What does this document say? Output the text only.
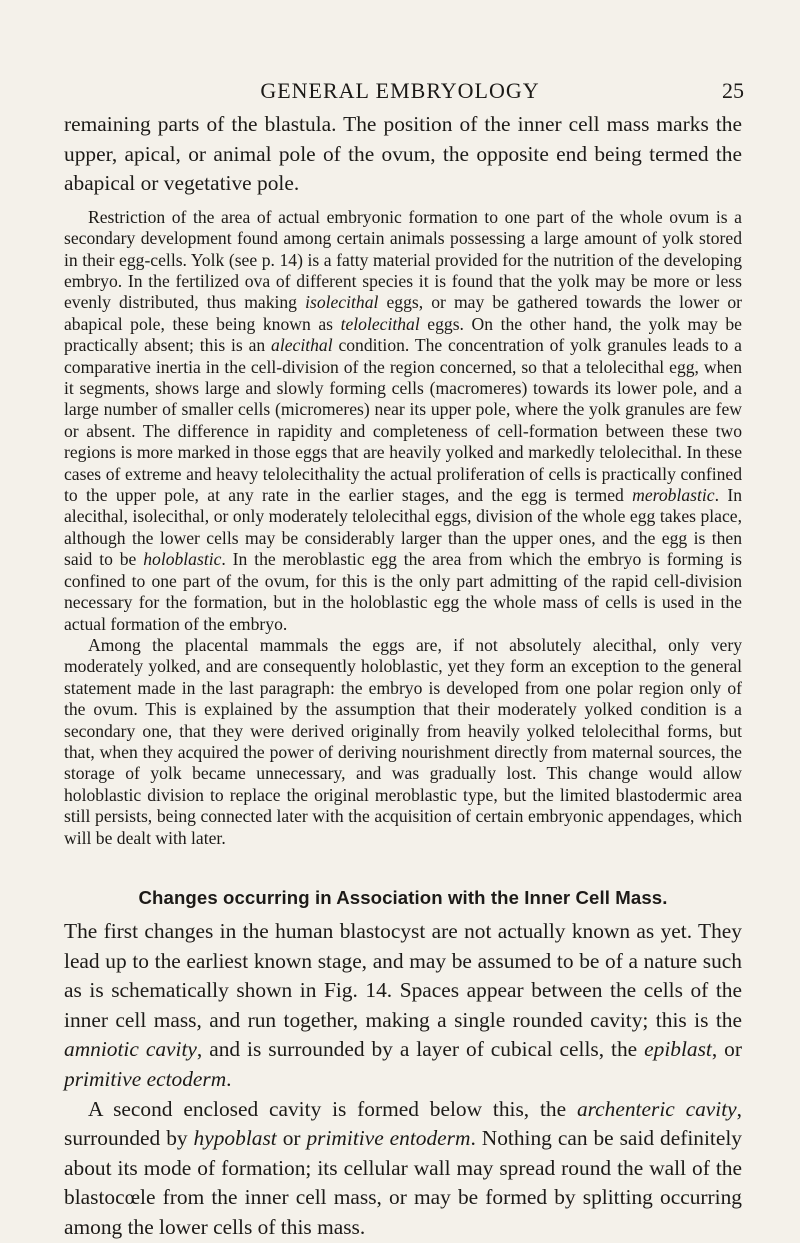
GENERAL EMBRYOLOGY	25

remaining parts of the blastula. The position of the inner cell mass marks the upper, apical, or animal pole of the ovum, the opposite end being termed the abapical or vegetative pole.

Restriction of the area of actual embryonic formation to one part of the whole ovum is a secondary development found among certain animals possessing a large amount of yolk stored in their egg-cells. Yolk (see p. 14) is a fatty material provided for the nutrition of the developing embryo. In the fertilized ova of different species it is found that the yolk may be more or less evenly distributed, thus making isolecithal eggs, or may be gathered towards the lower or abapical pole, these being known as telolecithal eggs. On the other hand, the yolk may be practically absent; this is an alecithal condition. The concentration of yolk granules leads to a comparative inertia in the cell-division of the region concerned, so that a telolecithal egg, when it segments, shows large and slowly forming cells (macromeres) towards its lower pole, and a large number of smaller cells (micromeres) near its upper pole, where the yolk granules are few or absent. The difference in rapidity and completeness of cell-formation between these two regions is more marked in those eggs that are heavily yolked and markedly telolecithal. In these cases of extreme and heavy telolecithality the actual proliferation of cells is practically confined to the upper pole, at any rate in the earlier stages, and the egg is termed meroblastic. In alecithal, isolecithal, or only moderately telolecithal eggs, division of the whole egg takes place, although the lower cells may be considerably larger than the upper ones, and the egg is then said to be holoblastic. In the meroblastic egg the area from which the embryo is forming is confined to one part of the ovum, for this is the only part admitting of the rapid cell-division necessary for the formation, but in the holoblastic egg the whole mass of cells is used in the actual formation of the embryo.

Among the placental mammals the eggs are, if not absolutely alecithal, only very moderately yolked, and are consequently holoblastic, yet they form an exception to the general statement made in the last paragraph: the embryo is developed from one polar region only of the ovum. This is explained by the assumption that their moderately yolked condition is a secondary one, that they were derived originally from heavily yolked telolecithal forms, but that, when they acquired the power of deriving nourishment directly from maternal sources, the storage of yolk became unnecessary, and was gradually lost. This change would allow holoblastic division to replace the original meroblastic type, but the limited blastodermic area still persists, being connected later with the acquisition of certain embryonic appendages, which will be dealt with later.

Changes occurring in Association with the Inner Cell Mass.

The first changes in the human blastocyst are not actually known as yet. They lead up to the earliest known stage, and may be assumed to be of a nature such as is schematically shown in Fig. 14. Spaces appear between the cells of the inner cell mass, and run together, making a single rounded cavity; this is the amniotic cavity, and is surrounded by a layer of cubical cells, the epiblast, or primitive ectoderm.

A second enclosed cavity is formed below this, the archenteric cavity, surrounded by hypoblast or primitive entoderm. Nothing can be said definitely about its mode of formation; its cellular wall may spread round the wall of the blastocœle from the inner cell mass, or may be formed by splitting occurring among the lower cells of this mass.
